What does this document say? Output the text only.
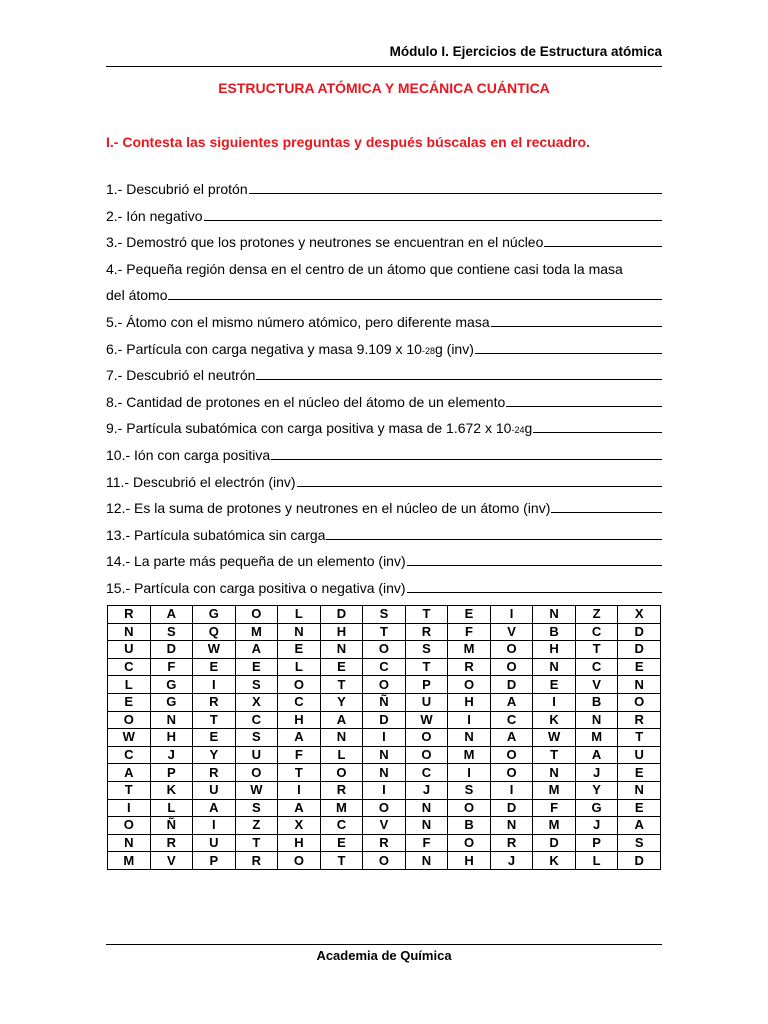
Módulo I. Ejercicios de Estructura atómica
ESTRUCTURA ATÓMICA Y MECÁNICA CUÁNTICA
I.- Contesta las siguientes preguntas y después búscalas en el recuadro.
1.- Descubrió el protón
2.- Ión negativo
3.- Demostró que los protones y neutrones se encuentran en el núcleo
4.- Pequeña región densa en el centro de un átomo que contiene casi toda la masa
del átomo
5.- Átomo con el mismo número atómico, pero diferente masa
6.- Partícula con carga negativa y masa 9.109 x 10 -28 g (inv)
7.- Descubrió el neutrón
8.- Cantidad de protones en el núcleo del átomo de un elemento
9.- Partícula subatómica con carga positiva y masa de 1.672 x 10 -24 g
10.- Ión con carga positiva
11.- Descubrió el electrón (inv)
12.- Es la suma de protones y neutrones en el núcleo de un átomo (inv)
13.- Partícula subatómica sin carga
14.- La parte más pequeña de un elemento (inv)
15.- Partícula con carga positiva o negativa (inv)
R	A	G	O	L	D	S	T	E	I	N	Z	X
N	S	Q	M	N	H	T	R	F	V	B	C	D
U	D	W	A	E	N	O	S	M	O	H	T	D
C	F	E	E	L	E	C	T	R	O	N	C	E
L	G	I	S	O	T	O	P	O	D	E	V	N
E	G	R	X	C	Y	Ñ	U	H	A	I	B	O
O	N	T	C	H	A	D	W	I	C	K	N	R
W	H	E	S	A	N	I	O	N	A	W	M	T
C	J	Y	U	F	L	N	O	M	O	T	A	U
A	P	R	O	T	O	N	C	I	O	N	J	E
T	K	U	W	I	R	I	J	S	I	M	Y	N
I	L	A	S	A	M	O	N	O	D	F	G	E
O	Ñ	I	Z	X	C	V	N	B	N	M	J	A
N	R	U	T	H	E	R	F	O	R	D	P	S
M	V	P	R	O	T	O	N	H	J	K	L	D
Academia de Química
